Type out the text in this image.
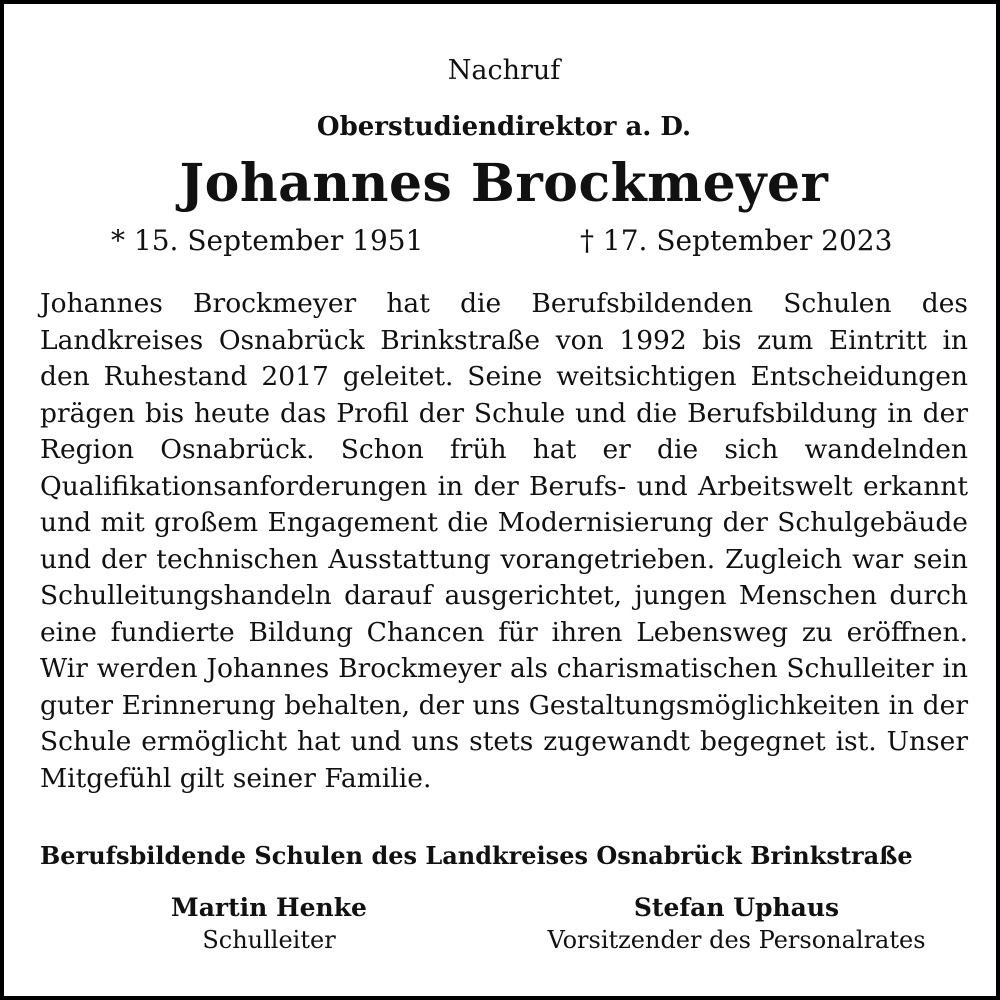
Nachruf
Oberstudiendirektor a. D.
Johannes Brockmeyer
* 15. September 1951	† 17. September 2023

Johannes Brockmeyer hat die Berufsbildenden Schulen des Landkreises Osnabrück Brinkstraße von 1992 bis zum Eintritt in den Ruhestand 2017 geleitet. Seine weitsichtigen Entscheidungen prägen bis heute das Profil der Schule und die Berufsbildung in der Region Osnabrück. Schon früh hat er die sich wandelnden Qualifikationsanforderungen in der Berufs- und Arbeitswelt erkannt und mit großem Engagement die Modernisierung der Schulgebäude und der technischen Ausstattung vorangetrieben. Zugleich war sein Schulleitungshandeln darauf ausgerichtet, jungen Menschen durch eine fundierte Bildung Chancen für ihren Lebensweg zu eröffnen. Wir werden Johannes Brockmeyer als charismatischen Schulleiter in guter Erinnerung behalten, der uns Gestaltungsmöglichkeiten in der Schule ermöglicht hat und uns stets zugewandt begegnet ist. Unser Mitgefühl gilt seiner Familie.

Berufsbildende Schulen des Landkreises Osnabrück Brinkstraße
Martin Henke
Schulleiter
Stefan Uphaus
Vorsitzender des Personalrates
